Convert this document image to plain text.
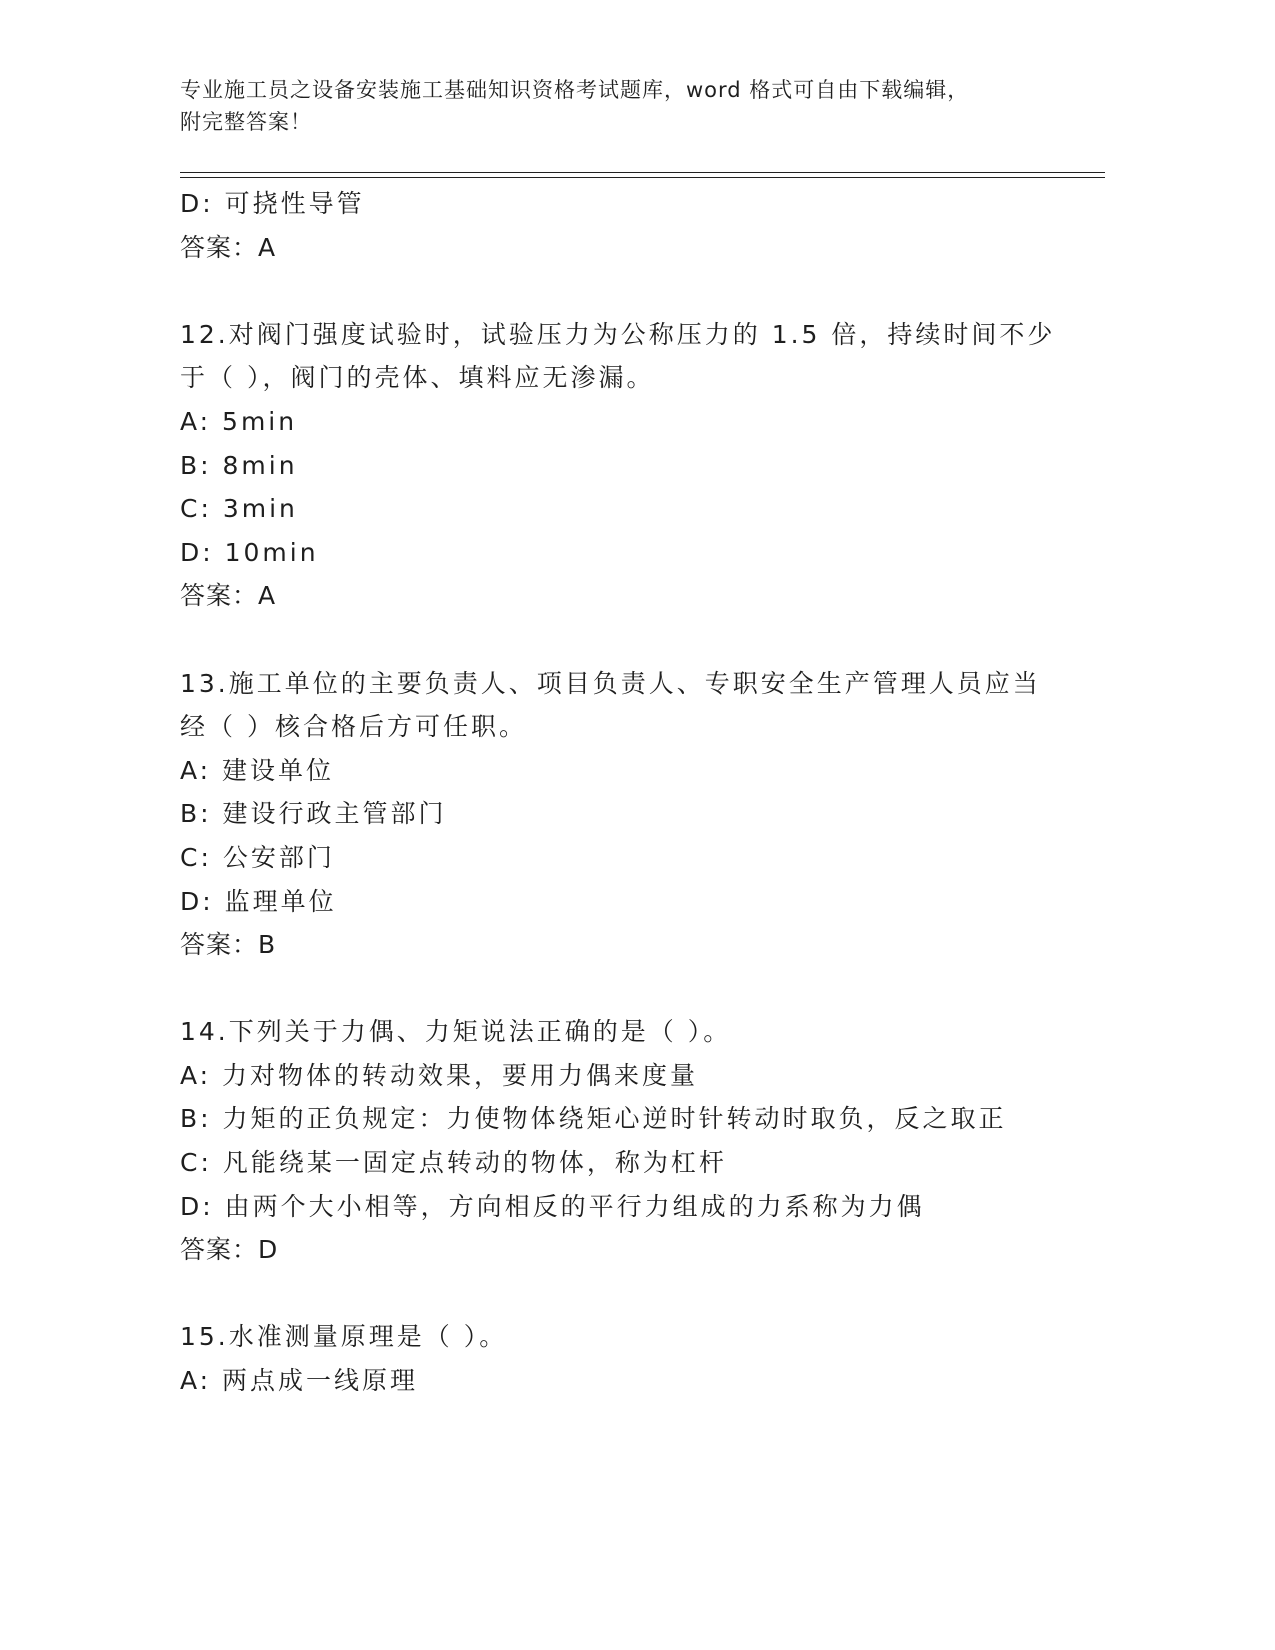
专业施工员之设备安装施工基础知识资格考试题库，word 格式可自由下载编辑，
附完整答案！
D: 可挠性导管
答案：A
12.对阀门强度试验时，试验压力为公称压力的 1.5 倍，持续时间不少
于（ ），阀门的壳体、填料应无渗漏。
A: 5min
B: 8min
C: 3min
D: 10min
答案：A
13.施工单位的主要负责人、项目负责人、专职安全生产管理人员应当
经（ ）核合格后方可任职。
A: 建设单位
B: 建设行政主管部门
C: 公安部门
D: 监理单位
答案：B
14.下列关于力偶、力矩说法正确的是（ ）。
A: 力对物体的转动效果，要用力偶来度量
B: 力矩的正负规定：力使物体绕矩心逆时针转动时取负，反之取正
C: 凡能绕某一固定点转动的物体，称为杠杆
D: 由两个大小相等，方向相反的平行力组成的力系称为力偶
答案：D
15.水准测量原理是（ ）。
A: 两点成一线原理
